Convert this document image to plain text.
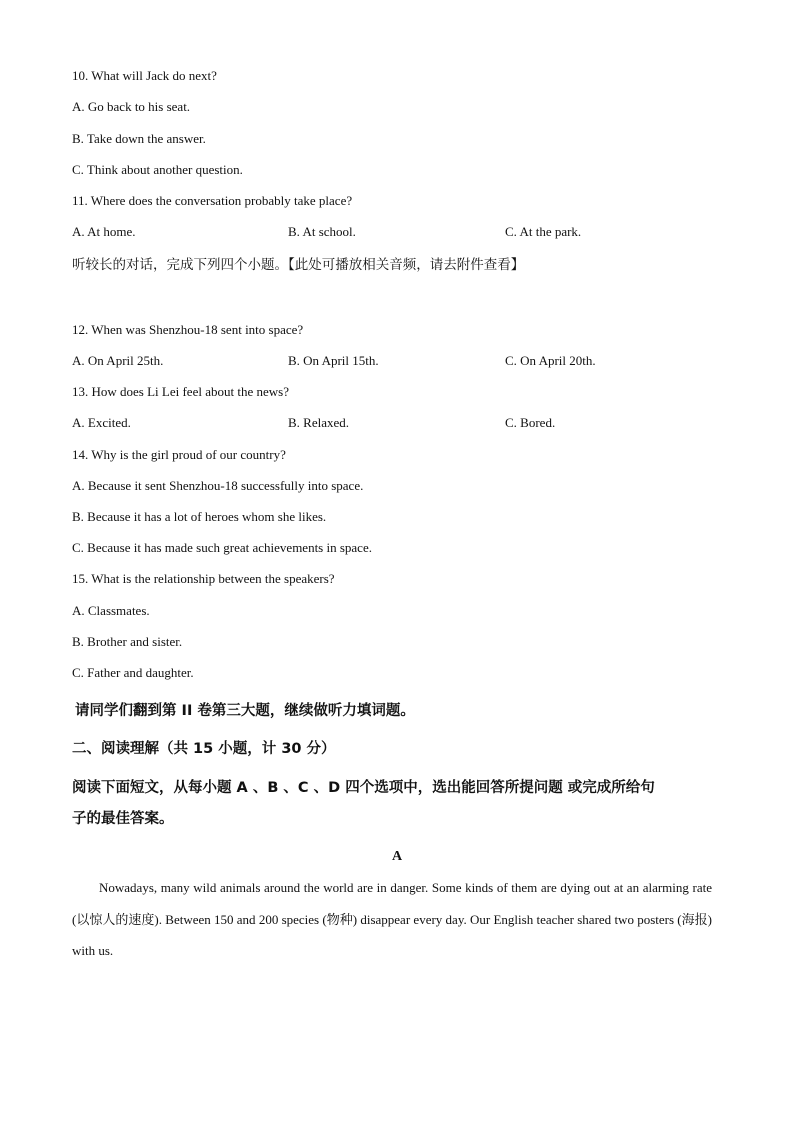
10. What will Jack do next?
A. Go back to his seat.
B. Take down the answer.
C. Think about another question.
11. Where does the conversation probably take place?
A. At home.	B. At school.	C. At the park.
听较长的对话，完成下列四个小题。【此处可播放相关音频，请去附件查看】
12. When was Shenzhou-18 sent into space?
A. On April 25th.	B. On April 15th.	C. On April 20th.
13. How does Li Lei feel about the news?
A. Excited.	B. Relaxed.	C. Bored.
14. Why is the girl proud of our country?
A. Because it sent Shenzhou-18 successfully into space.
B. Because it has a lot of heroes whom she likes.
C. Because it has made such great achievements in space.
15. What is the relationship between the speakers?
A. Classmates.
B. Brother and sister.
C. Father and daughter.
请同学们翻到第 II 卷第三大题，继续做听力填词题。
二、阅读理解（共 15 小题，计 30 分）
阅读下面短文，从每小题 A 、B 、C 、D 四个选项中，选出能回答所提问题 或完成所给句
子的最佳答案。
A
Nowadays, many wild animals around the world are in danger. Some kinds of them are dying out at an alarming rate (以惊人的速度). Between 150 and 200 species (物种) disappear every day. Our English teacher shared two posters (海报) with us.
